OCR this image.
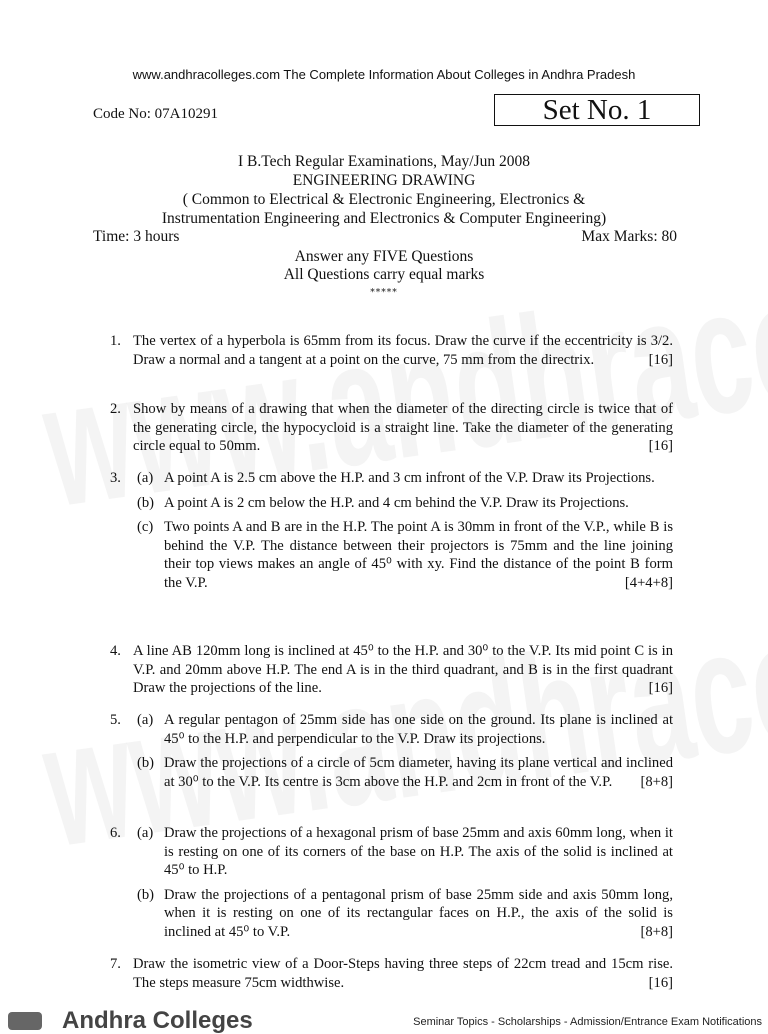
www.andhracolleges.com The Complete Information About Colleges in Andhra Pradesh
Code No: 07A10291	Set No. 1
I B.Tech Regular Examinations, May/Jun 2008
ENGINEERING DRAWING
( Common to Electrical & Electronic Engineering, Electronics &
Instrumentation Engineering and Electronics & Computer Engineering)
Time: 3 hours	Max Marks: 80
Answer any FIVE Questions
All Questions carry equal marks
*****
1. The vertex of a hyperbola is 65mm from its focus. Draw the curve if the eccentricity is 3/2. Draw a normal and a tangent at a point on the curve, 75 mm from the directrix.	[16]
2. Show by means of a drawing that when the diameter of the directing circle is twice that of the generating circle, the hypocycloid is a straight line. Take the diameter of the generating circle equal to 50mm.	[16]
3. (a) A point A is 2.5 cm above the H.P. and 3 cm infront of the V.P. Draw its Projections.
(b) A point A is 2 cm below the H.P. and 4 cm behind the V.P. Draw its Projections.
(c) Two points A and B are in the H.P. The point A is 30mm in front of the V.P., while B is behind the V.P. The distance between their projectors is 75mm and the line joining their top views makes an angle of 45⁰ with xy. Find the distance of the point B form the V.P.	[4+4+8]
4. A line AB 120mm long is inclined at 45⁰ to the H.P. and 30⁰ to the V.P. Its mid point C is in V.P. and 20mm above H.P. The end A is in the third quadrant, and B is in the first quadrant Draw the projections of the line.	[16]
5. (a) A regular pentagon of 25mm side has one side on the ground. Its plane is inclined at 45⁰ to the H.P. and perpendicular to the V.P. Draw its projections.
(b) Draw the projections of a circle of 5cm diameter, having its plane vertical and inclined at 30⁰ to the V.P. Its centre is 3cm above the H.P. and 2cm in front of the V.P. [8+8]
6. (a) Draw the projections of a hexagonal prism of base 25mm and axis 60mm long, when it is resting on one of its corners of the base on H.P. The axis of the solid is inclined at 45⁰ to H.P.
(b) Draw the projections of a pentagonal prism of base 25mm side and axis 50mm long, when it is resting on one of its rectangular faces on H.P., the axis of the solid is inclined at 45⁰ to V.P.	[8+8]
7. Draw the isometric view of a Door-Steps having three steps of 22cm tread and 15cm rise. The steps measure 75cm widthwise.	[16]
Andhra Colleges	Seminar Topics - Scholarships - Admission/Entrance Exam Notifications
